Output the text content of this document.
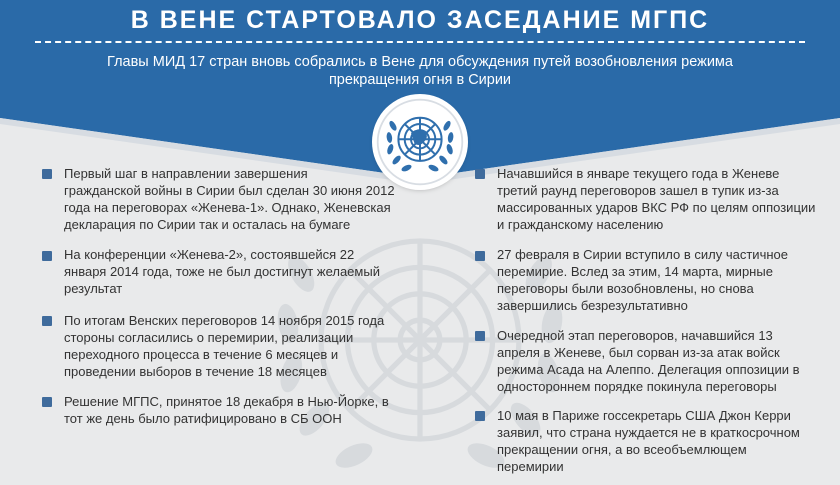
В ВЕНЕ СТАРТОВАЛО ЗАСЕДАНИЕ МГПС
Главы МИД 17 стран вновь собрались в Вене для обсуждения путей возобновления режима
прекращения огня в Сирии
Первый шаг в направлении завершения
гражданской войны в Сирии был сделан 30 июня 2012
года на переговорах «Женева-1». Однако, Женевская
декларация по Сирии так и осталась на бумаге
На конференции «Женева-2», состоявшейся 22
января 2014 года, тоже не был достигнут желаемый
результат
По итогам Венских переговоров 14 ноября 2015 года
стороны согласились о перемирии, реализации
переходного процесса в течение 6 месяцев и
проведении выборов в течение 18 месяцев
Решение МГПС, принятое 18 декабря в Нью-Йорке, в
тот же день было ратифицировано в СБ ООН
Начавшийся в январе текущего года в Женеве
третий раунд переговоров зашел в тупик из-за
массированных ударов ВКС РФ по целям оппозиции
и гражданскому населению
27 февраля в Сирии вступило в силу частичное
перемирие. Вслед за этим, 14 марта, мирные
переговоры были возобновлены, но снова
завершились безрезультативно
Очередной этап переговоров, начавшийся 13
апреля в Женеве, был сорван из-за атак войск
режима Асада на Алеппо. Делегация оппозиции в
одностороннем порядке покинула переговоры
10 мая в Париже госсекретарь США Джон Керри
заявил, что страна нуждается не в краткосрочном
прекращении огня, а во всеобъемлющем
перемирии
